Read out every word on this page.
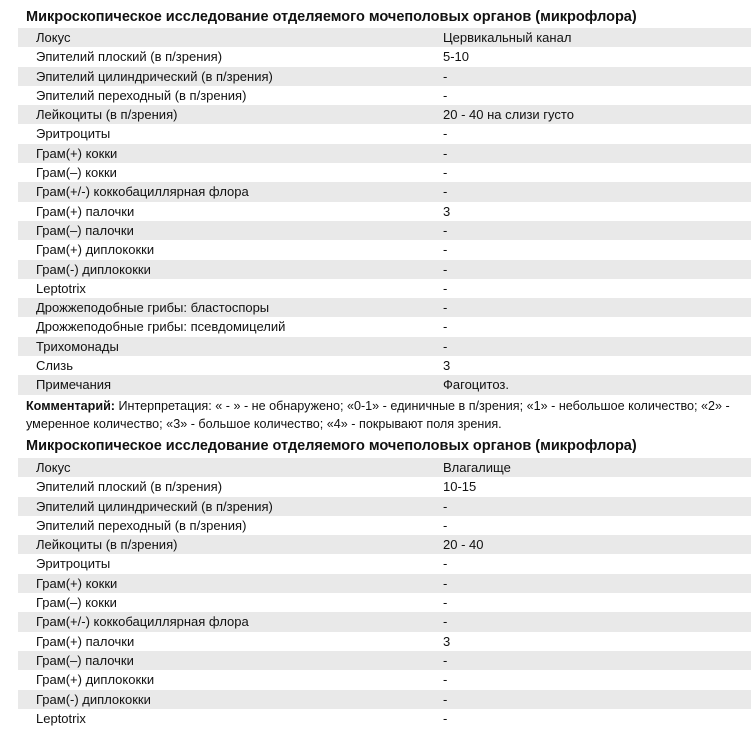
Микроскопическое исследование отделяемого мочеполовых органов (микрофлора)
Локус	Цервикальный канал
Эпителий плоский (в п/зрения)	5-10
Эпителий цилиндрический (в п/зрения)	-
Эпителий переходный (в п/зрения)	-
Лейкоциты (в п/зрения)	20 - 40 на слизи густо
Эритроциты	-
Грам(+) кокки	-
Грам(–) кокки	-
Грам(+/-) коккобациллярная флора	-
Грам(+) палочки	3
Грам(–) палочки	-
Грам(+) диплококки	-
Грам(-) диплококки	-
Leptotrix	-
Дрожжеподобные грибы: бластоспоры	-
Дрожжеподобные грибы: псевдомицелий	-
Трихомонады	-
Слизь	3
Примечания	Фагоцитоз.
Комментарий: Интерпретация: « - » - не обнаружено; «0-1» - единичные в п/зрения; «1» - небольшое количество; «2» - умеренное количество; «3» - большое количество; «4» - покрывают поля зрения.
Микроскопическое исследование отделяемого мочеполовых органов (микрофлора)
Локус	Влагалище
Эпителий плоский (в п/зрения)	10-15
Эпителий цилиндрический (в п/зрения)	-
Эпителий переходный (в п/зрения)	-
Лейкоциты (в п/зрения)	20 - 40
Эритроциты	-
Грам(+) кокки	-
Грам(–) кокки	-
Грам(+/-) коккобациллярная флора	-
Грам(+) палочки	3
Грам(–) палочки	-
Грам(+) диплококки	-
Грам(-) диплококки	-
Leptotrix	-
